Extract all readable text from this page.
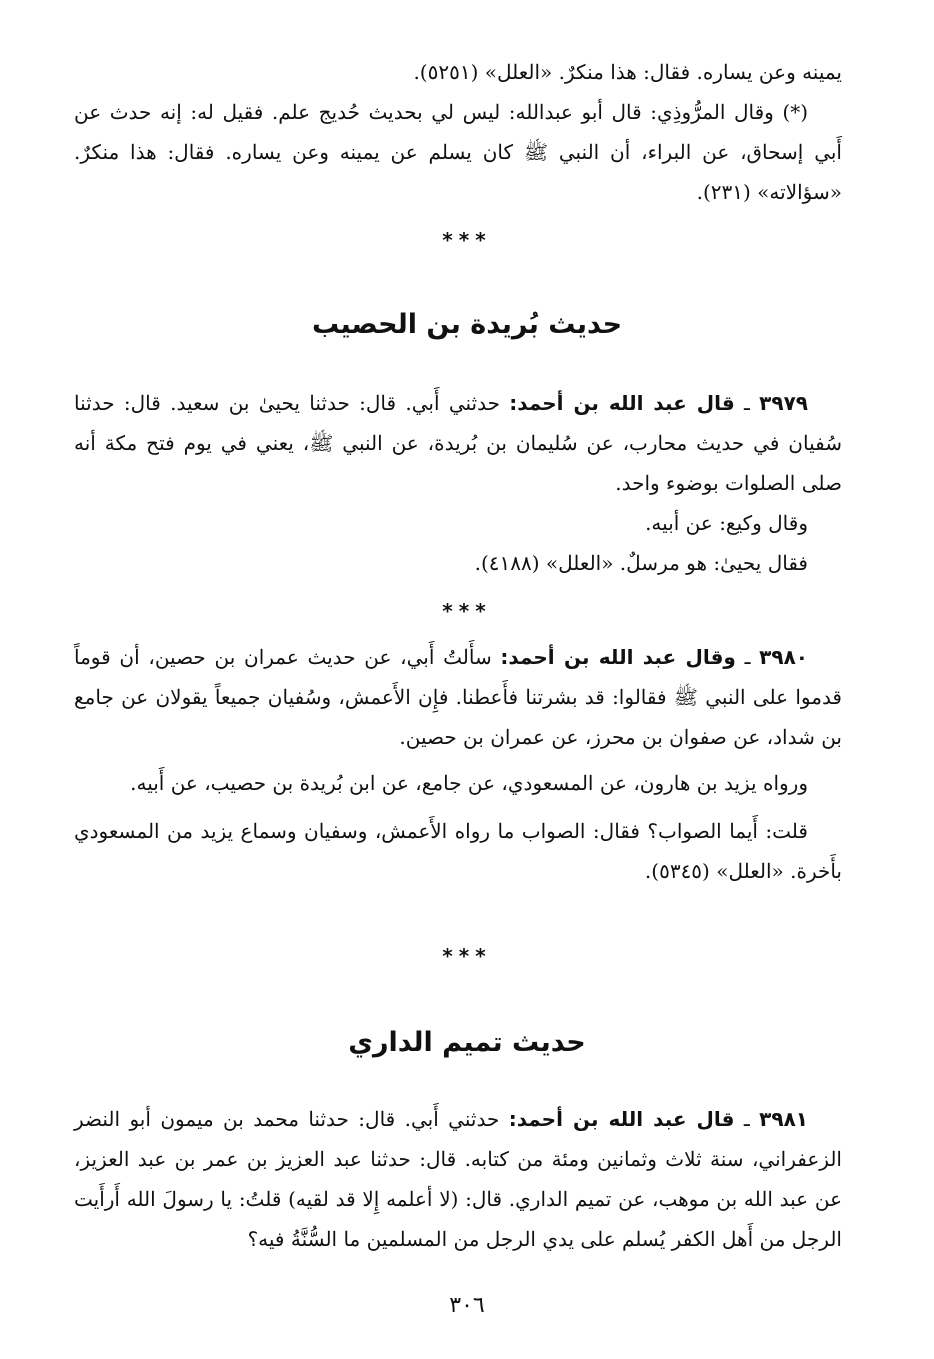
يمينه وعن يساره. فقال: هذا منكرٌ. «العلل» (٥٢٥١).

(*) وقال المرُّوذِي: قال أبو عبدالله: ليس لي بحديث حُديج علم. فقيل له: إنه حدث عن أَبي إسحاق، عن البراء، أن النبي ﷺ كان يسلم عن يمينه وعن يساره. فقال: هذا منكرٌ. «سؤالاته» (٢٣١).

***
حديث بُريدة بن الحصيب

٣٩٧٩ ـ قال عبد الله بن أحمد: حدثني أَبي. قال: حدثنا يحيىٰ بن سعيد. قال: حدثنا سُفيان في حديث محارب، عن سُليمان بن بُريدة، عن النبي ﷺ، يعني في يوم فتح مكة أنه صلى الصلوات بوضوء واحد.

وقال وكيع: عن أبيه.

فقال يحيىٰ: هو مرسلٌ. «العلل» (٤١٨٨).

***

٣٩٨٠ ـ وقال عبد الله بن أحمد: سأَلتُ أَبي، عن حديث عمران بن حصين، أن قوماً قدموا على النبي ﷺ فقالوا: قد بشرتنا فأَعطنا. فإِن الأَعمش، وسُفيان جميعاً يقولان عن جامع بن شداد، عن صفوان بن محرز، عن عمران بن حصين.

ورواه يزيد بن هارون، عن المسعودي، عن جامع، عن ابن بُريدة بن حصيب، عن أَبيه.

قلت: أَيما الصواب؟ فقال: الصواب ما رواه الأَعمش، وسفيان وسماع يزيد من المسعودي بأَخرة. «العلل» (٥٣٤٥).

***
حديث تميم الداري

٣٩٨١ ـ قال عبد الله بن أحمد: حدثني أَبي. قال: حدثنا محمد بن ميمون أبو النضر الزعفراني، سنة ثلاث وثمانين ومئة من كتابه. قال: حدثنا عبد العزيز بن عمر بن عبد العزيز، عن عبد الله بن موهب، عن تميم الداري. قال: (لا أعلمه إِلا قد لقيه) قلتُ: يا رسولَ الله أَرأَيت الرجل من أَهل الكفر يُسلم على يدي الرجل من المسلمين ما السُّنَّةُ فيه؟

٣٠٦
